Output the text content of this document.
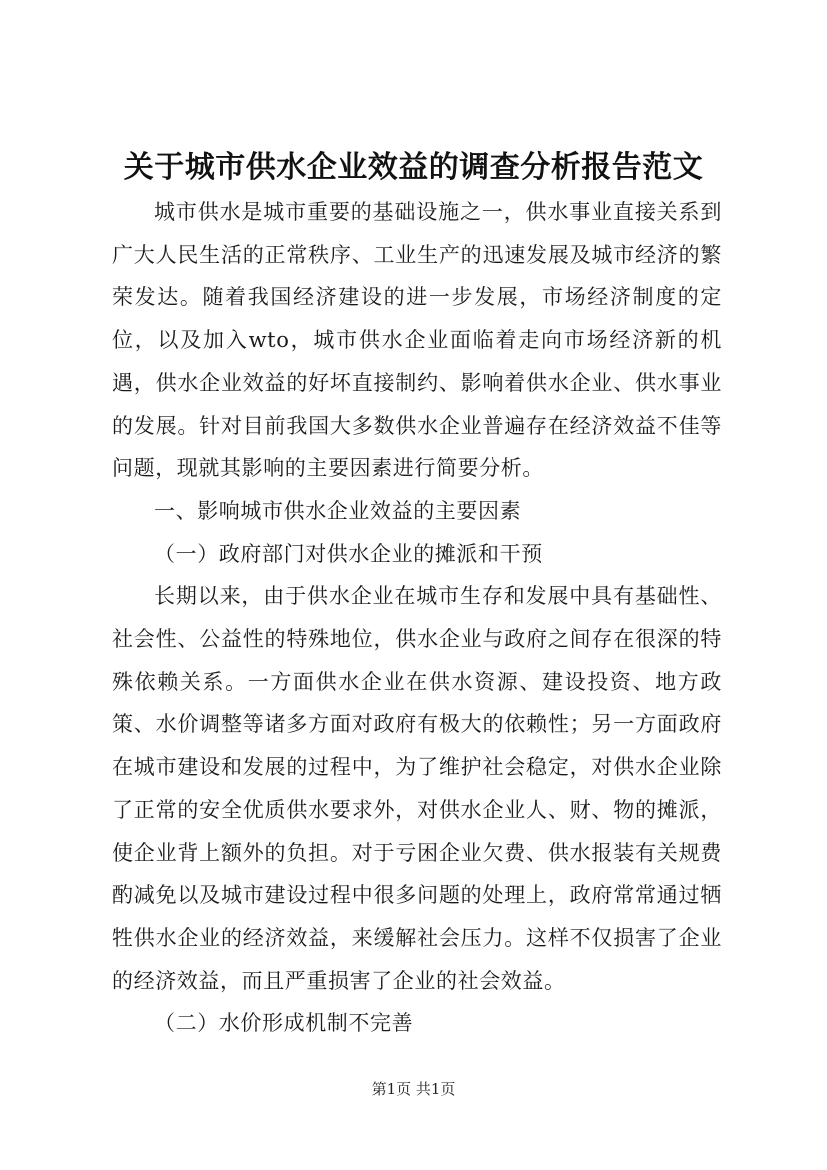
关于城市供水企业效益的调查分析报告范文

城市供水是城市重要的基础设施之一，供水事业直接关系到广大人民生活的正常秩序、工业生产的迅速发展及城市经济的繁荣发达。随着我国经济建设的进一步发展，市场经济制度的定位，以及加入wto，城市供水企业面临着走向市场经济新的机遇，供水企业效益的好坏直接制约、影响着供水企业、供水事业的发展。针对目前我国大多数供水企业普遍存在经济效益不佳等问题，现就其影响的主要因素进行简要分析。

一、影响城市供水企业效益的主要因素

（一）政府部门对供水企业的摊派和干预

长期以来，由于供水企业在城市生存和发展中具有基础性、社会性、公益性的特殊地位，供水企业与政府之间存在很深的特殊依赖关系。一方面供水企业在供水资源、建设投资、地方政策、水价调整等诸多方面对政府有极大的依赖性；另一方面政府在城市建设和发展的过程中，为了维护社会稳定，对供水企业除了正常的安全优质供水要求外，对供水企业人、财、物的摊派，使企业背上额外的负担。对于亏困企业欠费、供水报装有关规费酌减免以及城市建设过程中很多问题的处理上，政府常常通过牺牲供水企业的经济效益，来缓解社会压力。这样不仅损害了企业的经济效益，而且严重损害了企业的社会效益。

（二）水价形成机制不完善

第1页 共1页
